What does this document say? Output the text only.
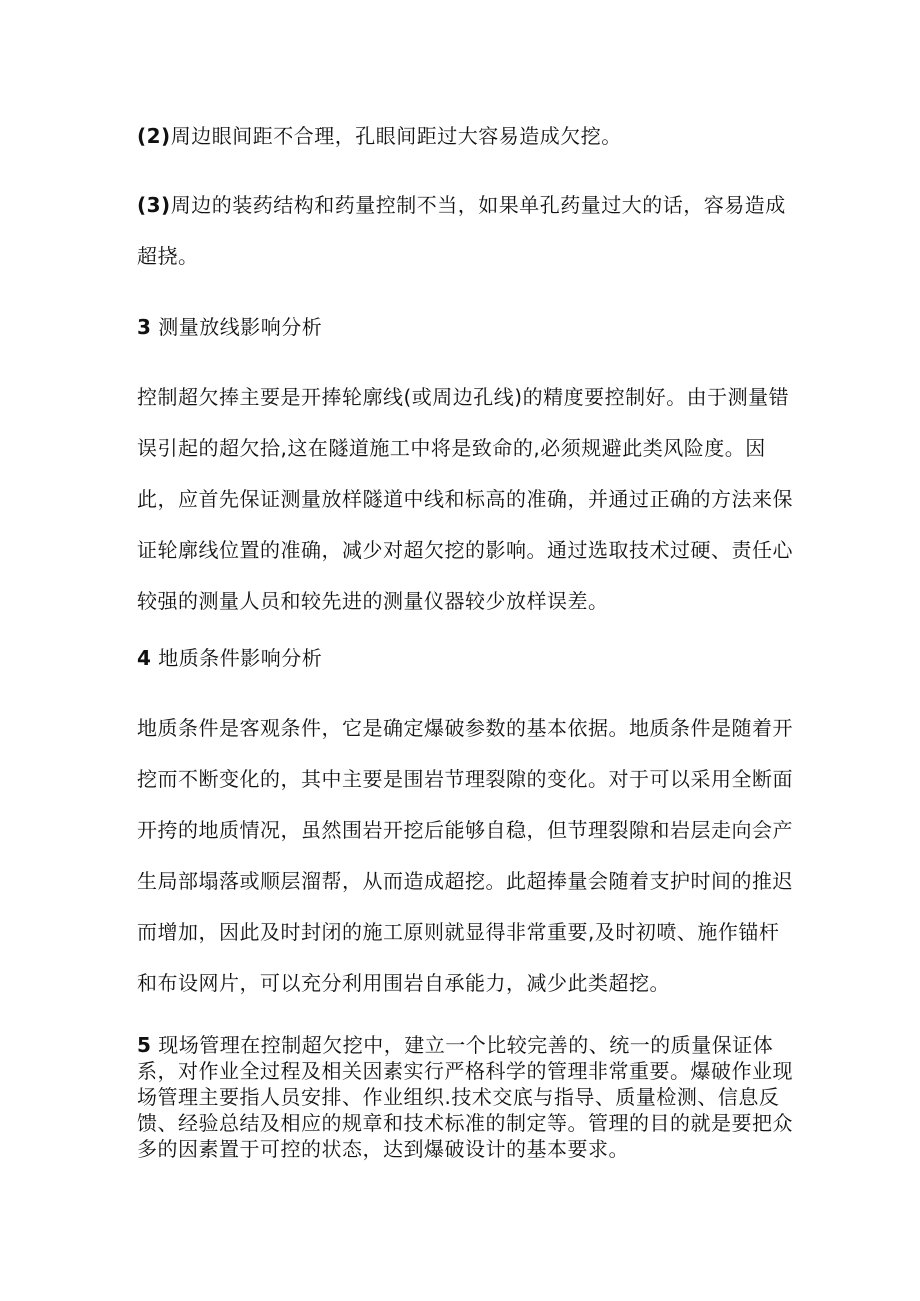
(2)周边眼间距不合理，孔眼间距过大容易造成欠挖。

(3)周边的装药结构和药量控制不当，如果单孔药量过大的话，容易造成超挠。

3 测量放线影响分析

控制超欠捧主要是开捧轮廓线(或周边孔线)的精度要控制好。由于测量错误引起的超欠拾,这在隧道施工中将是致命的,必须规避此类风险度。因此，应首先保证测量放样隧道中线和标高的准确，并通过正确的方法来保证轮廓线位置的准确，减少对超欠挖的影响。通过选取技术过硬、责任心较强的测量人员和较先进的测量仪器较少放样误差。

4 地质条件影响分析

地质条件是客观条件，它是确定爆破参数的基本依据。地质条件是随着开挖而不断变化的，其中主要是围岩节理裂隙的变化。对于可以采用全断面开挎的地质情况，虽然围岩开挖后能够自稳，但节理裂隙和岩层走向会产生局部塌落或顺层溜帮，从而造成超挖。此超捧量会随着支护时间的推迟而增加，因此及时封闭的施工原则就显得非常重要,及时初喷、施作锚杆和布设网片，可以充分利用围岩自承能力，减少此类超挖。

5 现场管理在控制超欠挖中，建立一个比较完善的、统一的质量保证体系，对作业全过程及相关因素实行严格科学的管理非常重要。爆破作业现场管理主要指人员安排、作业组织.技术交底与指导、质量检测、信息反馈、经验总结及相应的规章和技术标准的制定等。管理的目的就是要把众多的因素置于可控的状态，达到爆破设计的基本要求。
